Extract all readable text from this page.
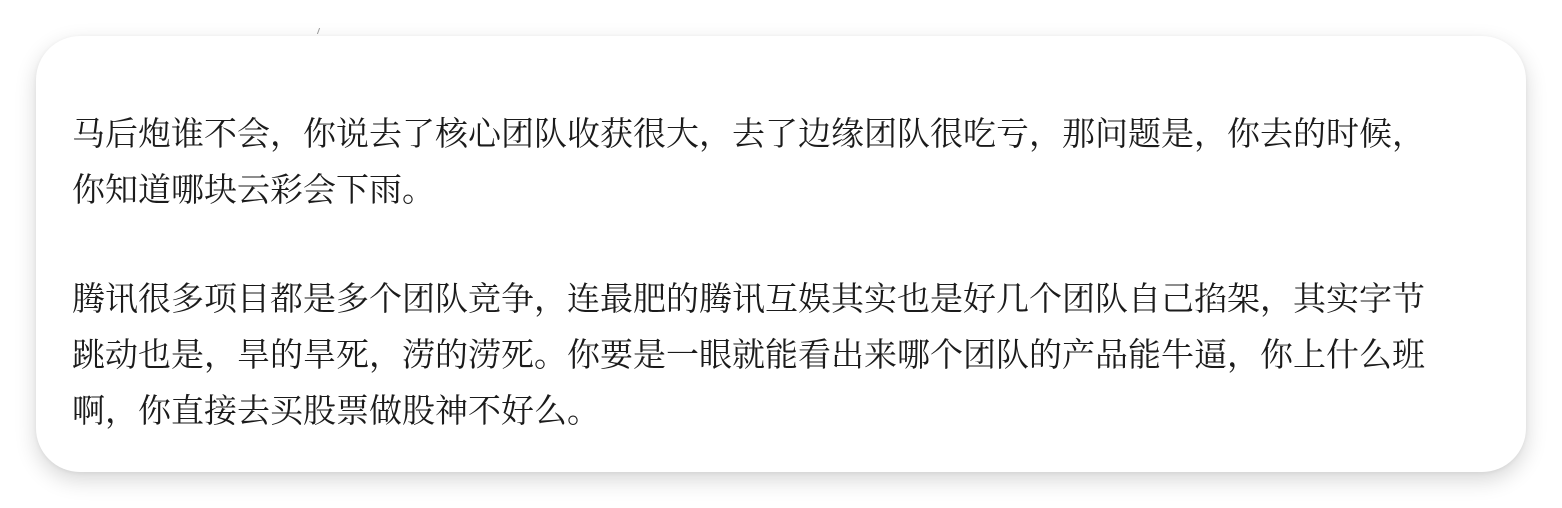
马后炮谁不会，你说去了核心团队收获很大，去了边缘团队很吃亏，那问题是，你去的时候，你知道哪块云彩会下雨。

腾讯很多项目都是多个团队竞争，连最肥的腾讯互娱其实也是好几个团队自己掐架，其实字节跳动也是，旱的旱死，涝的涝死。你要是一眼就能看出来哪个团队的产品能牛逼，你上什么班啊，你直接去买股票做股神不好么。
